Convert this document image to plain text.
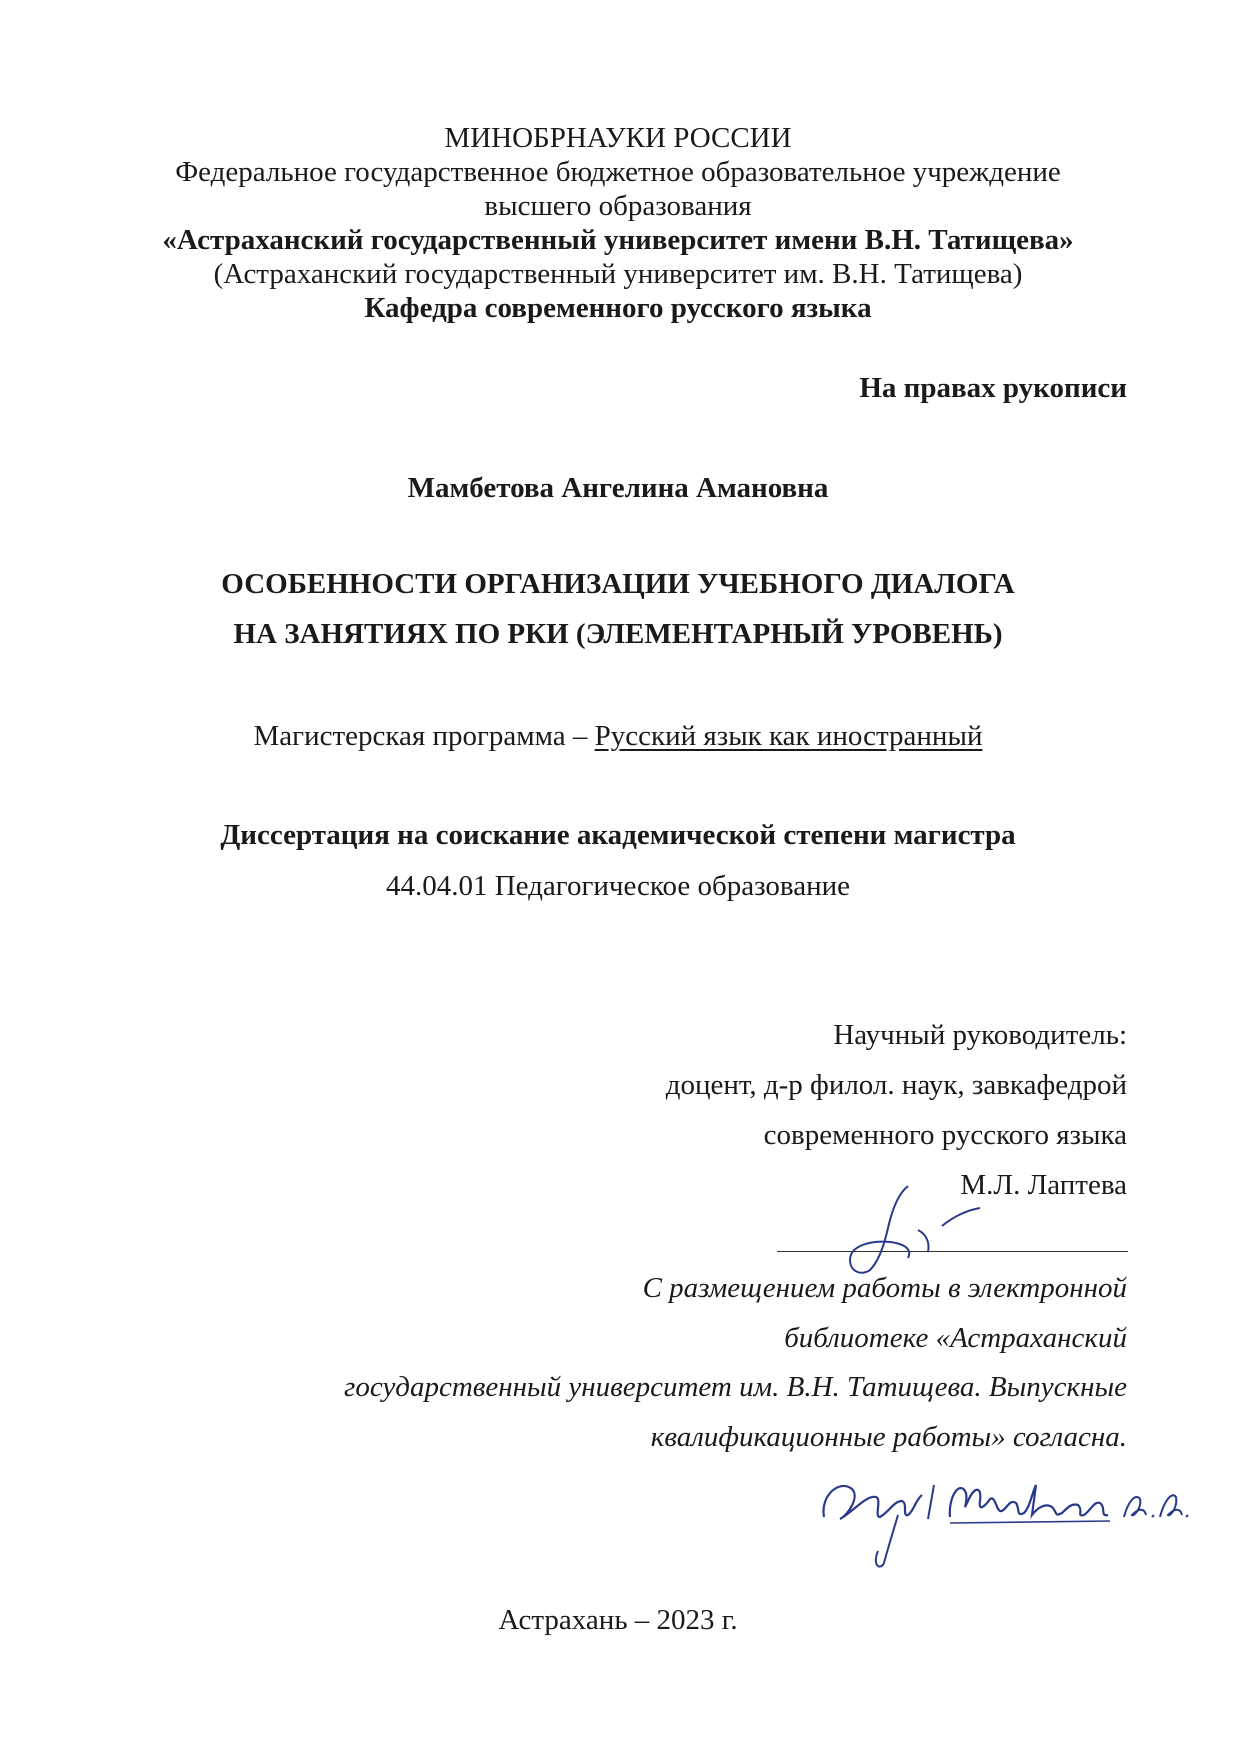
МИНОБРНАУКИ РОССИИ
Федеральное государственное бюджетное образовательное учреждение
высшего образования
«Астраханский государственный университет имени В.Н. Татищева»
(Астраханский государственный университет им. В.Н. Татищева)
Кафедра современного русского языка
На правах рукописи
Мамбетова Ангелина Амановна
ОСОБЕННОСТИ ОРГАНИЗАЦИИ УЧЕБНОГО ДИАЛОГА
НА ЗАНЯТИЯХ ПО РКИ (ЭЛЕМЕНТАРНЫЙ УРОВЕНЬ)
Магистерская программа – Русский язык как иностранный
Диссертация на соискание академической степени магистра
44.04.01 Педагогическое образование
Научный руководитель:
доцент, д-р филол. наук, завкафедрой
современного русского языка
М.Л. Лаптева
С размещением работы в электронной
библиотеке «Астраханский
государственный университет им. В.Н. Татищева. Выпускные
квалификационные работы» согласна.
Астрахань – 2023 г.
